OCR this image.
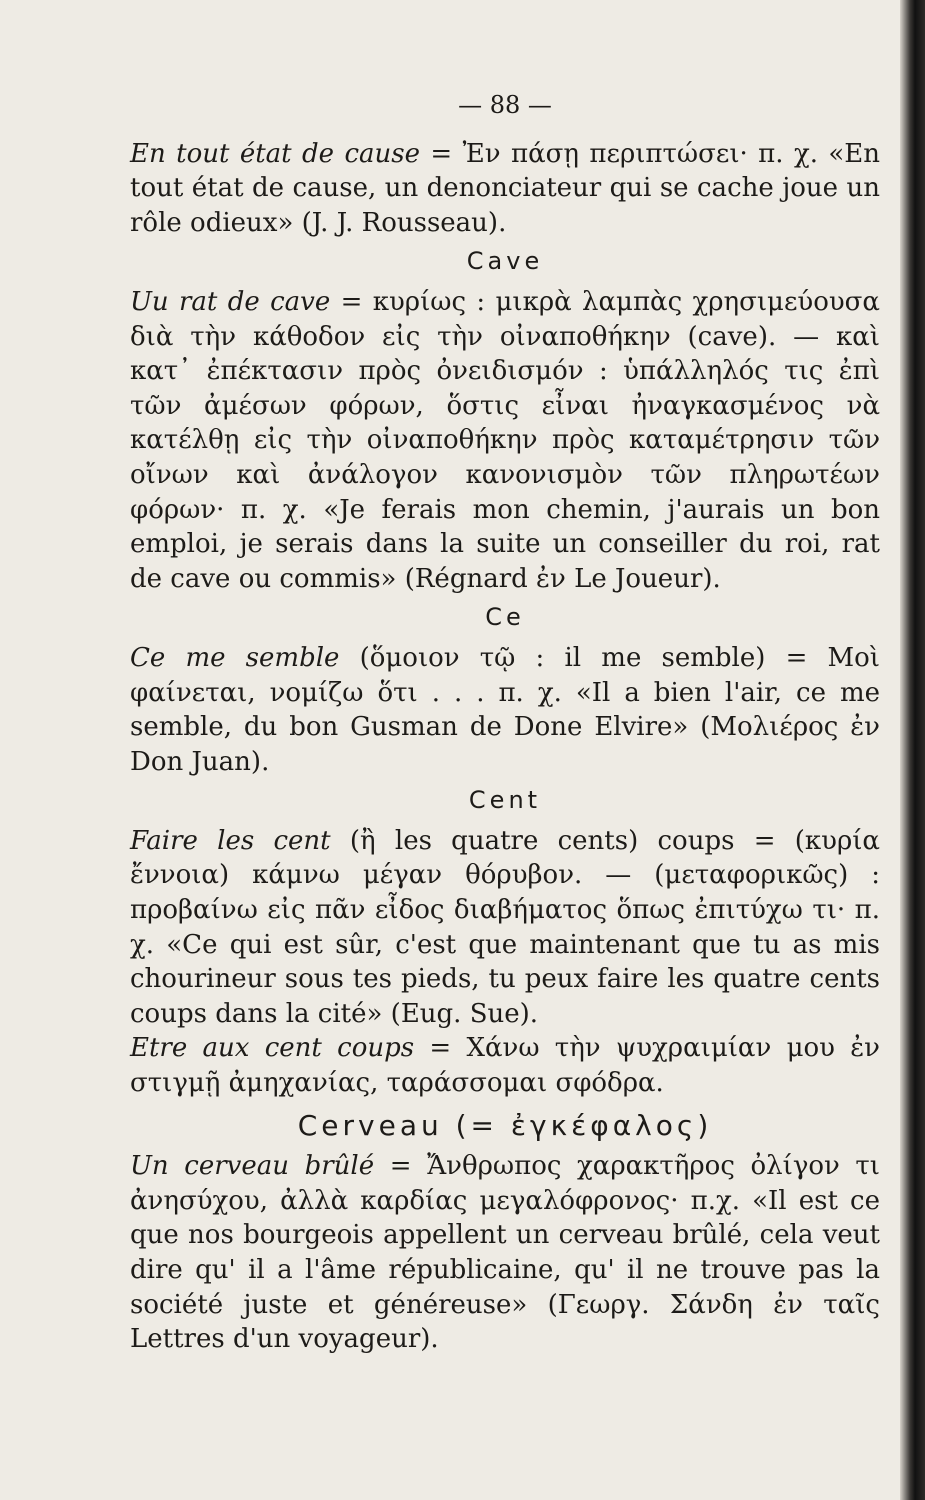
— 88 —

En tout état de cause = Ἐν πάσῃ περιπτώσει· π. χ. «En tout état de cause, un denonciateur qui se cache joue un rôle odieux» (J. J. Rousseau).

Cave

Uu rat de cave = κυρίως : μικρὰ λαμπὰς χρησιμεύουσα διὰ τὴν κάθοδον εἰς τὴν οἰναποθήκην (cave). — καὶ κατ᾽ ἐπέκτασιν πρὸς ὀνειδισμόν : ὑπάλληλός τις ἐπὶ τῶν ἀμέσων φόρων, ὅστις εἶναι ἠναγκασμένος νὰ κατέλθῃ εἰς τὴν οἰναποθήκην πρὸς καταμέτρησιν τῶν οἴνων καὶ ἀνάλογον κανονισμὸν τῶν πληρωτέων φόρων· π. χ. «Je ferais mon chemin, j'aurais un bon emploi, je serais dans la suite un conseiller du roi, rat de cave ou commis» (Régnard ἐν Le Joueur).

Ce

Ce me semble (ὅμοιον τῷ : il me semble) = Μοὶ φαίνεται, νομίζω ὅτι . . . π. χ. «Il a bien l'air, ce me semble, du bon Gusman de Done Elvire» (Μολιέρος ἐν Don Juan).

Cent

Faire les cent (ἢ les quatre cents) coups = (κυρία ἔννοια) κάμνω μέγαν θόρυβον. — (μεταφορικῶς) : προβαίνω εἰς πᾶν εἶδος διαβήματος ὅπως ἐπιτύχω τι· π. χ. «Ce qui est sûr, c'est que maintenant que tu as mis chourineur sous tes pieds, tu peux faire les quatre cents coups dans la cité» (Eug. Sue).

Etre aux cent coups = Χάνω τὴν ψυχραιμίαν μου ἐν στιγμῇ ἀμηχανίας, ταράσσομαι σφόδρα.

Cerveau (= ἐγκέφαλος)

Un cerveau brûlé = Ἄνθρωπος χαρακτῆρος ὀλίγον τι ἀνησύχου, ἀλλὰ καρδίας μεγαλόφρονος· π.χ. «Il est ce que nos bourgeois appellent un cerveau brûlé, cela veut dire qu' il a l'âme républicaine, qu' il ne trouve pas la société juste et généreuse» (Γεωργ. Σάνδη ἐν ταῖς Lettres d'un voyageur).
